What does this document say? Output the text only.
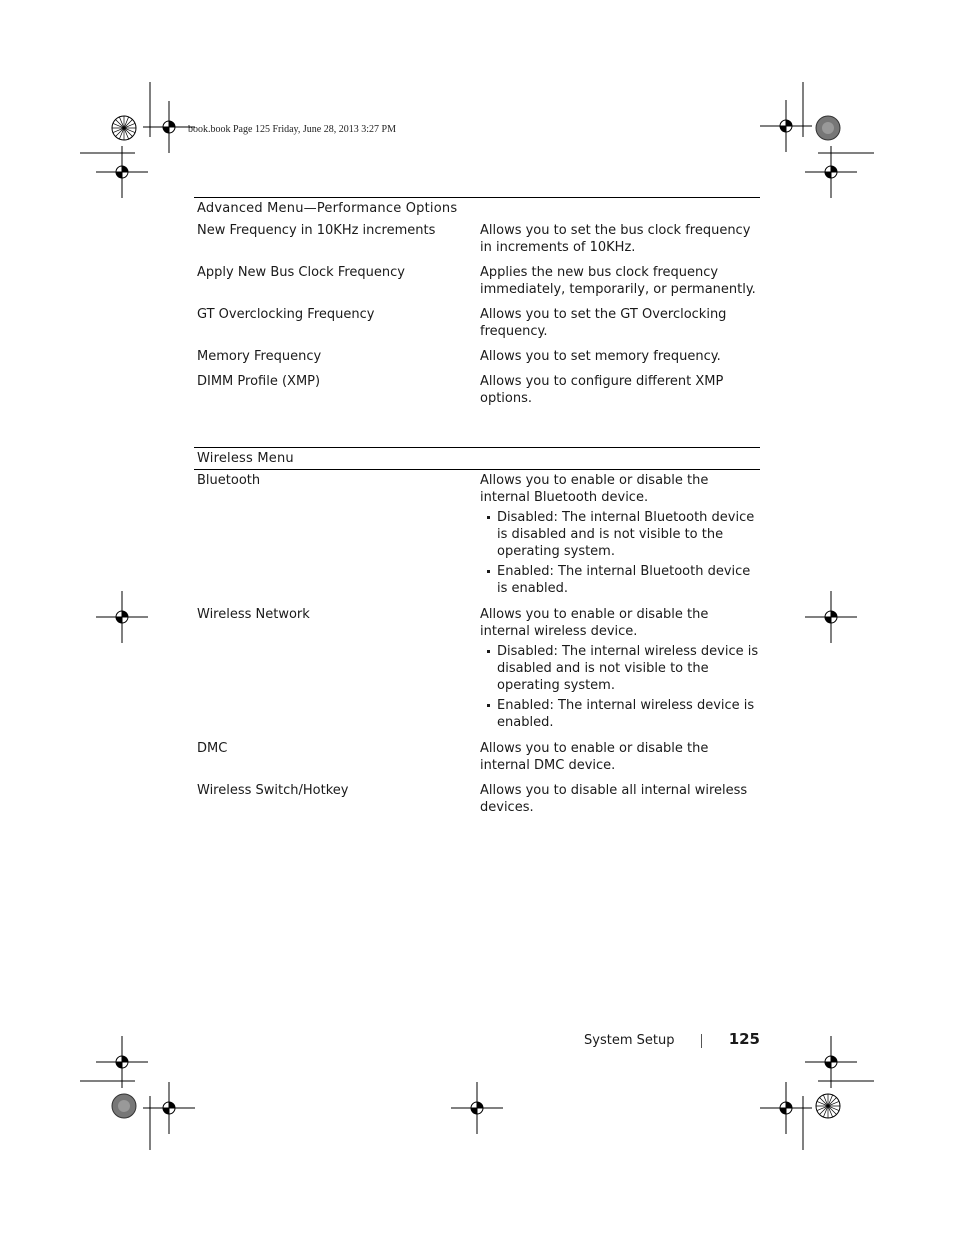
book.book Page 125 Friday, June 28, 2013 3:27 PM
Advanced Menu—Performance Options
New Frequency in 10KHz increments	Allows you to set the bus clock frequency in increments of 10KHz.
Apply New Bus Clock Frequency	Applies the new bus clock frequency immediately, temporarily, or permanently.
GT Overclocking Frequency	Allows you to set the GT Overclocking frequency.
Memory Frequency	Allows you to set memory frequency.
DIMM Profile (XMP)	Allows you to configure different XMP options.
Wireless Menu
Bluetooth	Allows you to enable or disable the internal Bluetooth device.
Disabled: The internal Bluetooth device is disabled and is not visible to the operating system.
Enabled: The internal Bluetooth device is enabled.
Wireless Network	Allows you to enable or disable the internal wireless device.
Disabled: The internal wireless device is disabled and is not visible to the operating system.
Enabled: The internal wireless device is enabled.
DMC	Allows you to enable or disable the internal DMC device.
Wireless Switch/Hotkey	Allows you to disable all internal wireless devices.
System Setup	125
